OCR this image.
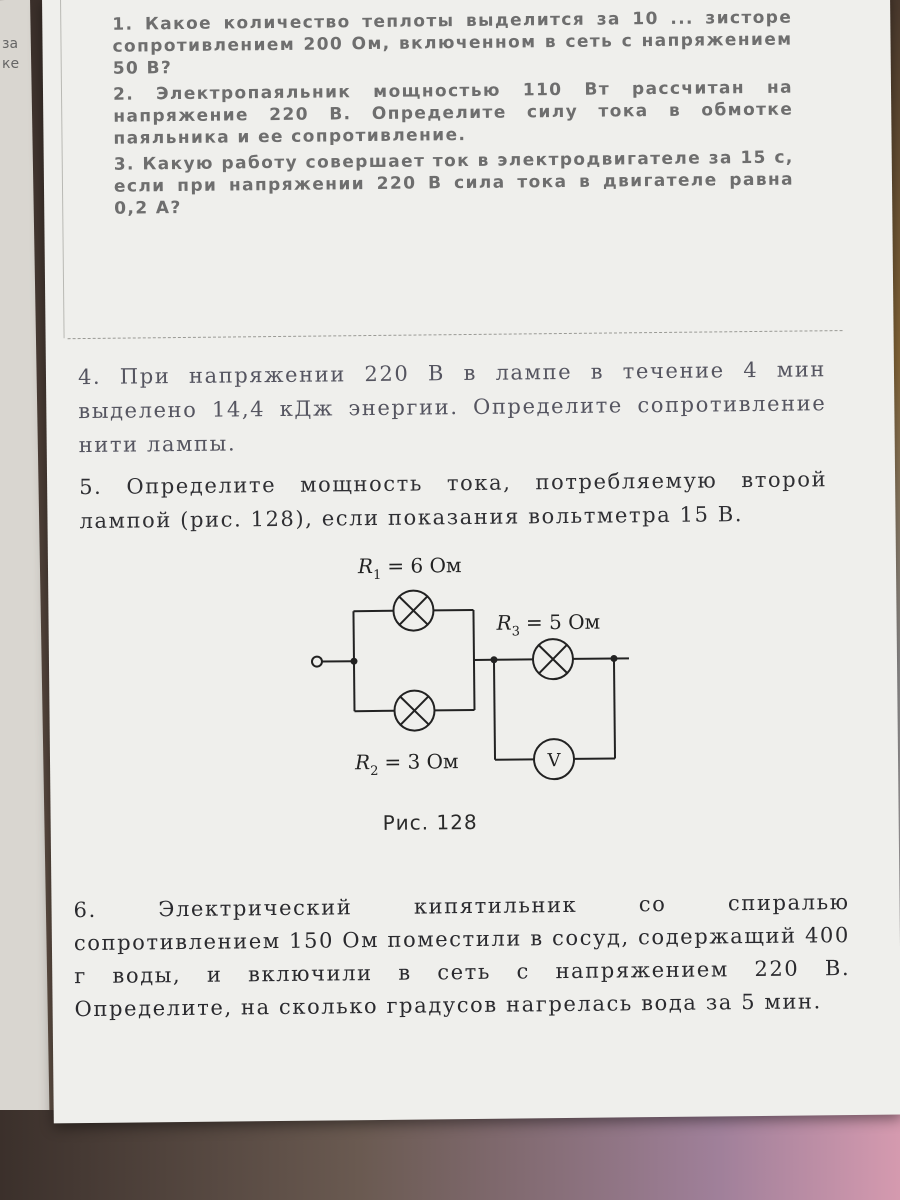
за ке

1. Какое количество теплоты выделится за 10 ... зисторе сопротивлением 200 Ом, включенном в сеть с напряжением 50 В?

2. Электропаяльник мощностью 110 Вт рассчитан на напряжение 220 В. Определите силу тока в обмотке паяльника и ее сопротивление.

3. Какую работу совершает ток в электродвигателе за 15 с, если при напряжении 220 В сила тока в двигателе равна 0,2 А?

4. При напряжении 220 В в лампе в течение 4 мин выделено 14,4 кДж энергии. Определите сопротивление нити лампы.

5. Определите мощность тока, потребляемую второй лампой (рис. 128), если показания вольтметра 15 В.

V
$R_1 = 6$ Ом
$R_2 = 3$ Ом
$R_3 = 5$ Ом

Рис. 128

6.	Электрический кипятильник со спиралью сопротивлением 150 Ом поместили в сосуд, содержащий 400 г воды, и включили в сеть с напряжением 220 В. Определите, на сколько градусов нагрелась вода за 5 мин.
